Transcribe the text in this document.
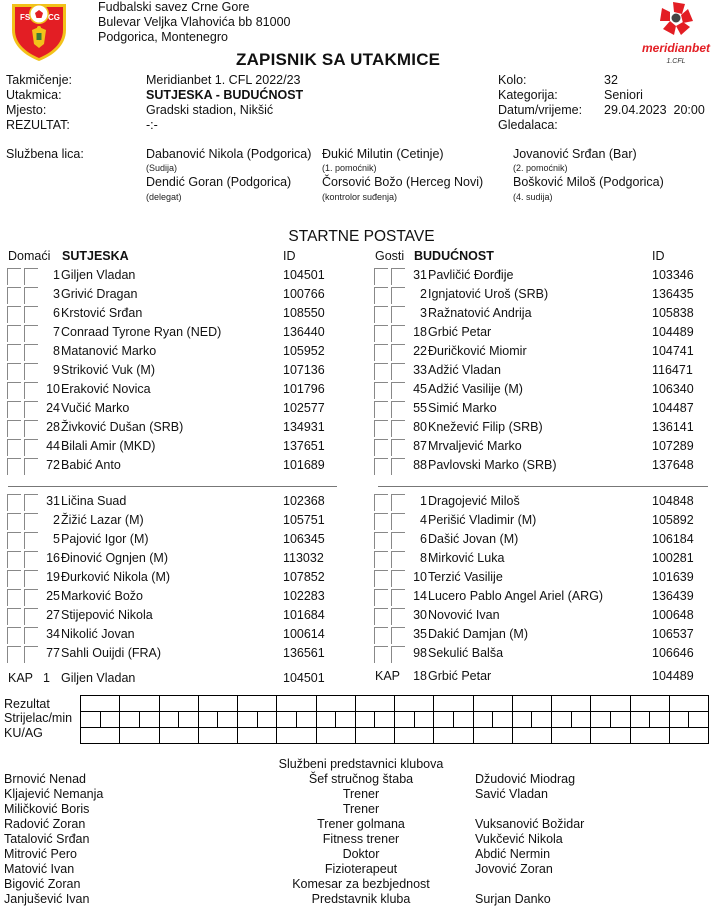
FS CG
Fudbalski savez Crne Gore
Bulevar Veljka Vlahovića bb 81000
Podgorica, Montenegro
ZAPISNIK SA UTAKMICE
meridianbet
1.CFL
Takmičenje:	Meridianbet 1. CFL 2022/23
Utakmica:	SUTJESKA - BUDUĆNOST
Mjesto:	Gradski stadion, Nikšić
REZULTAT:	-:-
Kolo:	32
Kategorija:	Seniori
Datum/vrijeme: 29.04.2023  20:00
Gledalaca:
Službena lica:	Dabanović Nikola (Podgorica)
(Sudija)
Đukić Milutin (Cetinje)
(1. pomoćnik)
Jovanović Srđan (Bar)
(2. pomoćnik)
Dendić Goran (Podgorica)
(delegat)
Čorsović Božo (Herceg Novi)
(kontrolor suđenja)
Bošković Miloš (Podgorica)
(4. sudija)
STARTNE POSTAVE
Domaći SUTJESKA	ID	Gosti BUDUĆNOST	ID
1 Giljen Vladan	104501
3 Grivić Dragan	100766
6 Krstović Srđan	108550
7 Conraad Tyrone Ryan (NED)	136440
8 Matanović Marko	105952
9 Striković Vuk (M)	107136
10 Eraković Novica	101796
24 Vučić Marko	102577
28 Živković Dušan (SRB)	134931
44 Bilali Amir (MKD)	137651
72 Babić Anto	101689
31 Pavličić Đorđije	103346
2 Ignjatović Uroš (SRB)	136435
3 Ražnatović Andrija	105838
18 Grbić Petar	104489
22 Đuričković Miomir	104741
33 Adžić Vladan	116471
45 Adžić Vasilije (M)	106340
55 Simić Marko	104487
80 Knežević Filip (SRB)	136141
87 Mrvaljević Marko	107289
88 Pavlovski Marko (SRB)	137648
31 Ličina Suad	102368
2 Žižić Lazar (M)	105751
5 Pajović Igor (M)	106345
16 Đinović Ognjen (M)	113032
19 Đurković Nikola (M)	107852
25 Marković Božo	102283
27 Stijepović Nikola	101684
34 Nikolić Jovan	100614
77 Sahli Ouijdi (FRA)	136561
1 Dragojević Miloš	104848
4 Perišić Vladimir (M)	105892
6 Dašić Jovan (M)	106184
8 Mirković Luka	100281
10 Terzić Vasilije	101639
14 Lucero Pablo Angel Ariel (ARG)	136439
30 Novović Ivan	100648
35 Dakić Damjan (M)	106537
98 Sekulić Balša	106646
KAP 1 Giljen Vladan	104501	KAP	18 Grbić Petar	104489
Rezultat
Strijelac/min
KU/AG

Službeni predstavnici klubova
Brnović Nenad	Šef stručnog štaba	Džudović Miodrag
Kljajević Nemanja	Trener	Savić Vladan
Miličković Boris	Trener
Radović Zoran	Trener golmana	Vuksanović Božidar
Tatalović Srđan	Fitness trener	Vukčević Nikola
Mitrović Pero	Doktor	Abdić Nermin
Matović Ivan	Fizioterapeut	Jovović Zoran
Bigović Zoran	Komesar za bezbjednost
Janjušević Ivan	Predstavnik kluba	Surjan Danko
